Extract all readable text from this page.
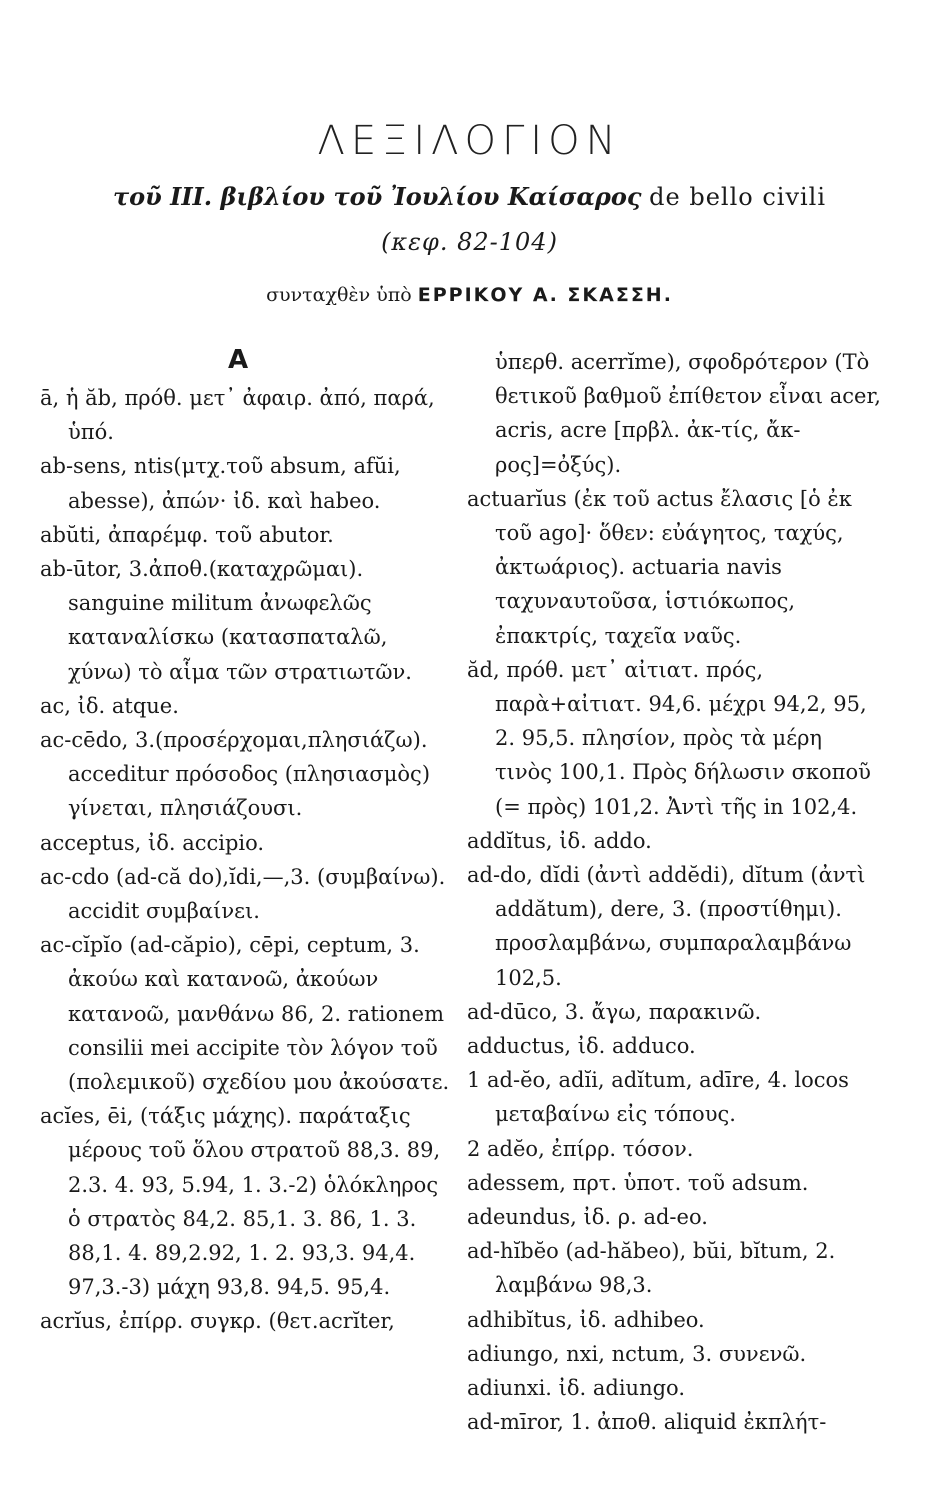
ΛΕΞΙΛΟΓΙΟΝ

τοῦ III. βιβλίου τοῦ Ἰουλίου Καίσαρος de bello civili

(κεφ. 82-104)

συνταχθὲν ὑπὸ ΕΡΡΙΚΟΥ Α. ΣΚΑΣΣΗ.

A

ā, ἡ ăb, πρόθ. μετ᾽ ἀφαιρ. ἀπό, παρά, ὑπό.

ab-sens, ntis(μτχ.τοῦ absum, afŭi, abesse), ἀπών· ἰδ. καὶ habeo.

abŭti, ἀπαρέμφ. τοῦ abutor.

ab-ūtor, 3.ἀποθ.(καταχρῶμαι). sanguine militum ἀνωφελῶς καταναλίσκω (κατασπαταλῶ, χύνω) τὸ αἷμα τῶν στρατιωτῶν.

ac, ἰδ. atque.

ac-cēdo, 3.(προσέρχομαι,πλησιάζω). acceditur πρόσοδος (πλησιασμὸς) γίνεται, πλησιάζουσι.

acceptus, ἰδ. accipio.

ac-cdo (ad-că do),ĭdi,—,3. (συμβαίνω). accidit συμβαίνει.

ac-cĭpĭo (ad-căpio), cēpi, ceptum, 3. ἀκούω καὶ κατανοῶ, ἀκούων κατανοῶ, μανθάνω 86, 2. rationem consilii mei accipite τὸν λόγον τοῦ (πολεμικοῦ) σχεδίου μου ἀκούσατε.

acĭes, ēi, (τάξις μάχης). παράταξις μέρους τοῦ ὅλου στρατοῦ 88,3. 89, 2.3. 4. 93, 5.94, 1. 3.-2) ὁλόκληρος ὁ στρατὸς 84,2. 85,1. 3. 86, 1. 3. 88,1. 4. 89,2.92, 1. 2. 93,3. 94,4. 97,3.-3) μάχη 93,8. 94,5. 95,4.

acrĭus, ἐπίρρ. συγκρ. (θετ.acrĭter,

ὑπερθ. acerrĭme), σφοδρότερον (Τὸ θετικοῦ βαθμοῦ ἐπίθετον εἶναι acer, acris, acre [πρβλ. ἀκ-τίς, ἄκ-ρος]=ὀξύς).

actuarĭus (ἐκ τοῦ actus ἔλασις [ὁ ἐκ τοῦ ago]· ὅθεν: εὐάγητος, ταχύς, ἀκτωάριος). actuaria navis ταχυναυτοῦσα, ἱστιόκωπος, ἐπακτρίς, ταχεῖα ναῦς.

ăd, πρόθ. μετ᾽ αἰτιατ. πρός, παρὰ+αἰτιατ. 94,6. μέχρι 94,2, 95, 2. 95,5. πλησίον, πρὸς τὰ μέρη τινὸς 100,1. Πρὸς δήλωσιν σκοποῦ (= πρὸς) 101,2. Ἀντὶ τῆς in 102,4.

addĭtus, ἰδ. addo.

ad-do, dĭdi (ἀντὶ addĕdi), dĭtum (ἀντὶ addătum), dere, 3. (προστίθημι). προσλαμβάνω, συμπαραλαμβάνω 102,5.

ad-dūco, 3. ἄγω, παρακινῶ.

adductus, ἰδ. adduco.

1 ad-ĕo, adĭi, adĭtum, adīre, 4. locos μεταβαίνω εἰς τόπους.

2 adĕo, ἐπίρρ. τόσον.

adessem, πρτ. ὑποτ. τοῦ adsum.

adeundus, ἰδ. ρ. ad-eo.

ad-hĭbĕo (ad-hăbeo), bŭi, bĭtum, 2. λαμβάνω 98,3.

adhibĭtus, ἰδ. adhibeo.

adiungo, nxi, nctum, 3. συνενῶ.

adiunxi. ἰδ. adiungo.

ad-mīror, 1. ἀποθ. aliquid ἐκπλήτ-
